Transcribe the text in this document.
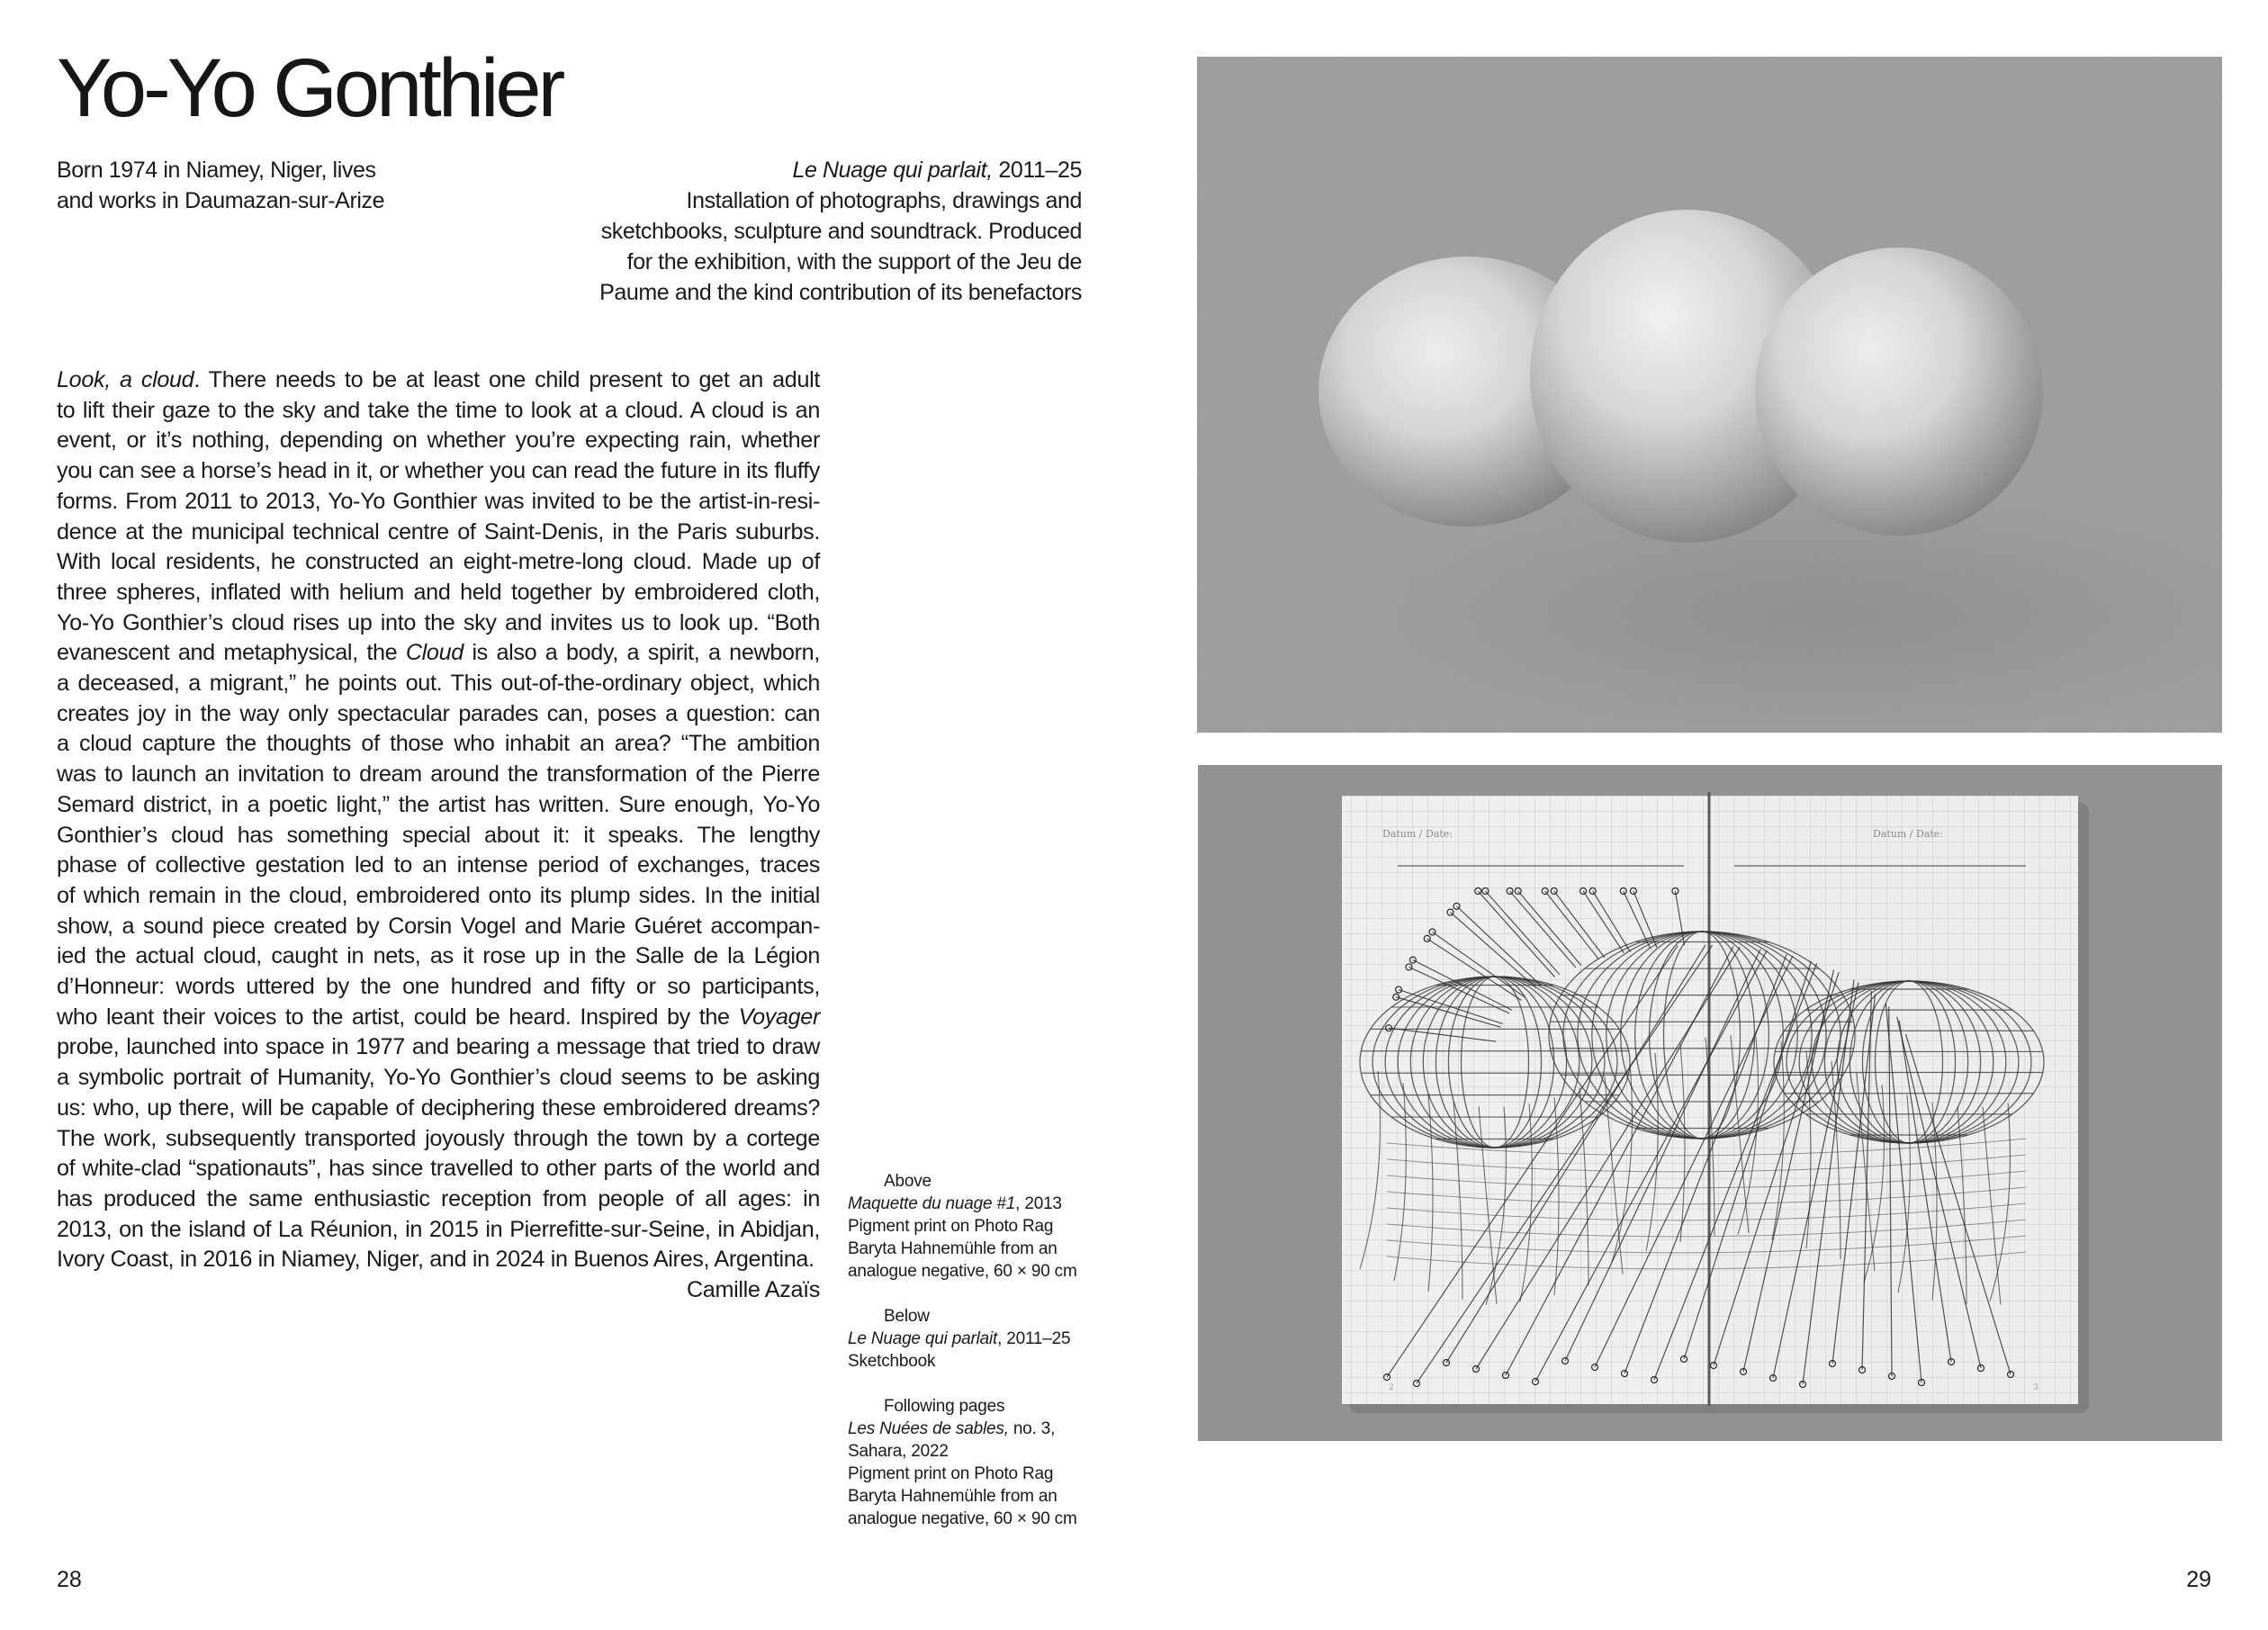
Yo-Yo Gonthier
Born 1974 in Niamey, Niger, lives
and works in Daumazan-sur-Arize
Le Nuage qui parlait, 2011–25
Installation of photographs, drawings and
sketchbooks, sculpture and soundtrack. Produced
for the exhibition, with the support of the Jeu de
Paume and the kind contribution of its benefactors
Look, a cloud. There needs to be at least one child present to get an adult
to lift their gaze to the sky and take the time to look at a cloud. A cloud is an
event, or it’s nothing, depending on whether you’re expecting rain, whether
you can see a horse’s head in it, or whether you can read the future in its fluffy
forms. From 2011 to 2013, Yo-Yo Gonthier was invited to be the artist-in-resi-
dence at the municipal technical centre of Saint-Denis, in the Paris suburbs.
With local residents, he constructed an eight-metre-long cloud. Made up of
three spheres, inflated with helium and held together by embroidered cloth,
Yo-Yo Gonthier’s cloud rises up into the sky and invites us to look up. “Both
evanescent and metaphysical, the Cloud is also a body, a spirit, a newborn,
a deceased, a migrant,” he points out. This out-of-the-ordinary object, which
creates joy in the way only spectacular parades can, poses a question: can
a cloud capture the thoughts of those who inhabit an area? “The ambition
was to launch an invitation to dream around the transformation of the Pierre
Semard district, in a poetic light,” the artist has written. Sure enough, Yo-Yo
Gonthier’s cloud has something special about it: it speaks. The lengthy
phase of collective gestation led to an intense period of exchanges, traces
of which remain in the cloud, embroidered onto its plump sides. In the initial
show, a sound piece created by Corsin Vogel and Marie Guéret accompan-
ied the actual cloud, caught in nets, as it rose up in the Salle de la Légion
d’Honneur: words uttered by the one hundred and fifty or so participants,
who leant their voices to the artist, could be heard. Inspired by the Voyager
probe, launched into space in 1977 and bearing a message that tried to draw
a symbolic portrait of Humanity, Yo-Yo Gonthier’s cloud seems to be asking
us: who, up there, will be capable of deciphering these embroidered dreams?
The work, subsequently transported joyously through the town by a cortege
of white-clad “spationauts”, has since travelled to other parts of the world and
has produced the same enthusiastic reception from people of all ages: in
2013, on the island of La Réunion, in 2015 in Pierrefitte-sur-Seine, in Abidjan,
Ivory Coast, in 2016 in Niamey, Niger, and in 2024 in Buenos Aires, Argentina.
Camille Azaïs
Above
Maquette du nuage #1, 2013
Pigment print on Photo Rag
Baryta Hahnemühle from an
analogue negative, 60 × 90 cm
Below
Le Nuage qui parlait, 2011–25
Sketchbook
Following pages
Les Nuées de sables, no. 3,
Sahara, 2022
Pigment print on Photo Rag
Baryta Hahnemühle from an
analogue negative, 60 × 90 cm
Datum / Date:	Datum / Date:
2	3
28	29
